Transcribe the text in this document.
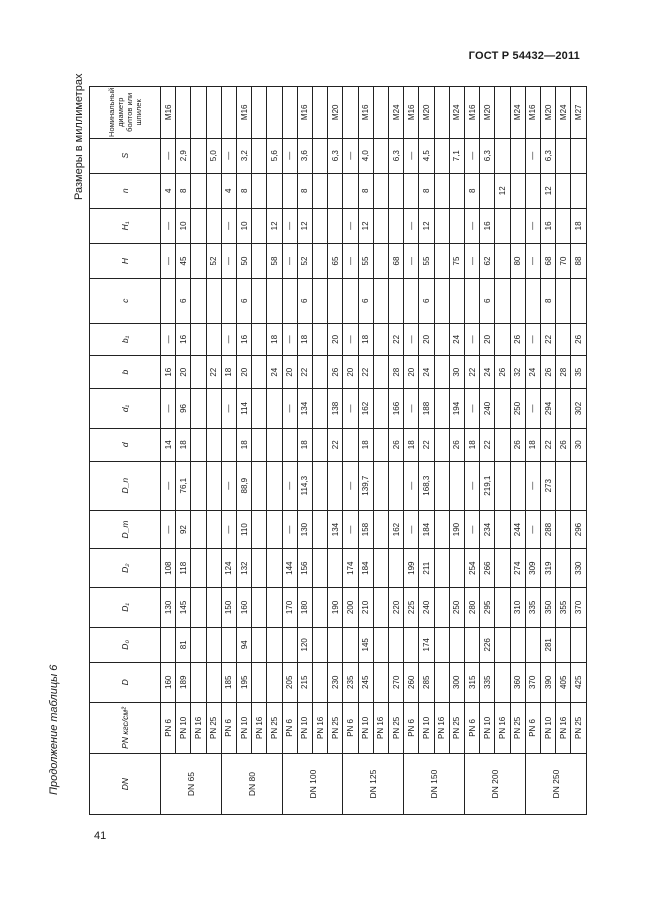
ГОСТ Р 54432—2011
Продолжение таблицы 6
Размеры в миллиметрах
DN	PN кгс/см²	D	D₀	D₁	D₂	D_m	D_n	d	d₁	b	b₁	c	H	H₁	n	S	Номинальный диаметр болтов или шпилек
DN 65	PN 6	160		130	108	—	—	14	—	16	—		—	—	4	—	M16
	PN 10	189	81	145	118	92	76,1	18	96	20	16	6	45	10	8	2,9	
	PN 16																
	PN 25									22			52			5,0	
DN 80	PN 6	185		150	124	—	—		—	18	—		—	—	4	—	
	PN 10	195	94	160	132	110	88,9	18	114	20	16	6	50	10	8	3,2	M16
	PN 16																
	PN 25									24	18		58	12		5,6	
DN 100	PN 6	205		170	144	—	—		—	20	—		—	—		—	
	PN 10	215	120	180	156	130	114,3	18	134	22	18	6	52	12	8	3,6	M16
	PN 16																
	PN 25	230		190		134		22	138	26	20		65			6,3	M20
DN 125	PN 6	235		200	174	—	—		—	20	—		—	—		—	
	PN 10	245	145	210	184	158	139,7	18	162	22	18	6	55	12	8	4,0	M16
	PN 16																
	PN 25	270		220		162		26	166	28	22		68			6,3	M24
DN 150	PN 6	260		225	199	—	—	18	—	20	—		—	—		—	M16
	PN 10	285	174	240	211	184	168,3	22	188	24	20	6	55	12	8	4,5	M20
	PN 16																
	PN 25	300		250		190		26	194	30	24		75			7,1	M24
DN 200	PN 6	315		280	254	—	—	18	—	22	—		—	—	8	—	M16
	PN 10	335	226	295	266	234	219,1	22	240	24	20	6	62	16		6,3	M20
	PN 16									26					12		
	PN 25	360		310	274	244		26	250	32	26		80				M24
DN 250	PN 6	370		335	309	—	—	18	—	24	—		—	—		—	M16
	PN 10	390	281	350	319	288	273	22	294	26	22	8	68	16	12	6,3	M20
	PN 16	405		355				26		28			70				M24
	PN 25	425		370	330	296		30	302	35	26		88	18			M27
41
